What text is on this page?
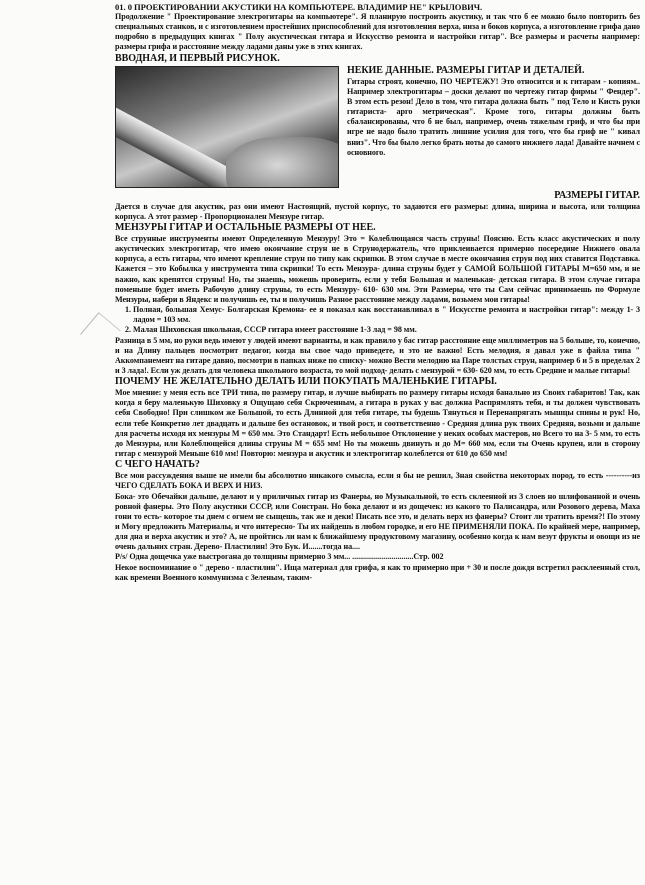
01. 0 ПРОЕКТИРОВАНИИ АКУСТИКИ НА КОМПЬЮТЕРЕ. ВЛАДИМИР НЕ" КРЫЛОВИЧ.

Продолжение " Проектирование электрогитары на компьютере". Я планирую построить акустику, и так что б ее можно было повторить без специальных станков, и с изготовлением простейших приспособлений для изготовления верха, низа и боков корпуса, а изготовление грифа дано подробно в предыдущих книгах " Полу акустическая гитара и Искусство ремонта и настройки гитар". Все размеры и расчеты например: размеры грифа и расстояние между ладами даны уже в этих книгах.

ВВОДНАЯ, И ПЕРВЫЙ РИСУНОК.

НЕКИЕ ДАННЫЕ. РАЗМЕРЫ ГИТАР И ДЕТАЛЕЙ.

Гитары строят, конечно, ПО ЧЕРТЕЖУ! Это относится и к гитарам - копиям.. Например электрогитары – доски делают по чертежу гитар фирмы " Фендер". В этом есть резон! Дело в том, что гитара должна быть " под Тело и Кисть руки гитариста- арго метрическая". Кроме того, гитары должны быть сбалансированы, что б не был, например, очень тяжелым гриф, и что бы при игре не надо было тратить лишние усилия для того, что бы гриф не " кивал вниз". Что бы было легко брать ноты до самого нижнего лада! Давайте начнем с основного.

РАЗМЕРЫ ГИТАР.

Дается в случае для акустик, раз они имеют Настоящий, пустой корпус, то задаются его размеры: длина, ширина и высота, или толщина корпуса. А этот размер - Пропорционален Мензуре гитар.

МЕНЗУРЫ ГИТАР И ОСТАЛЬНЫЕ РАЗМЕРЫ ОТ НЕЕ.

Все струнные инструменты имеют Определенную Мензуру! Это = Колеблющаяся часть струны! Поясню. Есть класс акустических и полу акустических электрогитар, что имею окончание струн не в Струнодержатель, что приклеивается примерно посередине Нижнего овала корпуса, а есть гитары, что имеют крепление струн по типу как скрипки. В этом случае в месте окончания струн под них ставится Подставка. Кажется – это Кобылка у инструмента типа скрипки! То есть Мензура- длина струны будет у САМОЙ БОЛЬШОЙ ГИТАРЫ М=650 мм, и не важно, как крепятся струны! Но, ты знаешь, можешь проверить, если у тебя Большая и маленькая- детская гитара. В этом случае гитара поменьше будет иметь Рабочую длину струны, то есть Мензуру- 610- 630 мм. Эти Размеры, что ты Сам сейчас принимаешь по Формуле Мензуры, набери в Яндекс и получишь ее, ты и получишь Разное расстояние между ладами, возьмем мои гитары!

1. Полная, большая Хемус- Болгарская Кремона- ее я показал как восстанавливал в " Искусстве ремонта и настройки гитар": между 1- 3 ладом = 103 мм.
2. Малая Шиховская школьная, СССР гитара имеет расстояние 1-3 лад = 98 мм.

Разница в 5 мм, но руки ведь имеют у людей имеют варианты, и как правило у бас гитар расстояние еще миллиметров на 5 больше, то, конечно, и на Длину пальцев посмотрит педагог, когда вы свое чадо приведете, и это не важно! Есть мелодия, я давал уже в файла типа " Аккомпанемент на гитаре давно, посмотри в папках ниже по списку- можно Вести мелодию на Паре толстых струн, например 6 и 5 в пределах 2 и 3 лада!. Если уж делать для человека школьного возраста, то мой подход- делать с мензурой = 630- 620 мм, то есть Средние и малые гитары!

ПОЧЕМУ НЕ ЖЕЛАТЕЛЬНО ДЕЛАТЬ ИЛИ ПОКУПАТЬ МАЛЕНЬКИЕ ГИТАРЫ.

Мое мнение: у меня есть все ТРИ типа, по размеру гитар, и лучше выбирать по размеру гитары исходя банально из Своих габаритов! Так, как когда я беру маленькую Шиховку я Ощущаю себя Скрюченным, а гитара в руках у вас должна Распрямлять тебя, и ты должен чувствовать себя Свободно! При слишком же Большой, то есть Длинной для тебя гитаре, ты будешь Тянуться и Перенапрягать мышцы спины и рук! Но, если тебе Конкретно лет двадцать и дальше без остановок, и твой рост, и соответственно - Средняя длина рук твоих Средняя, возьми и дальше для расчеты исходя их мензуры М = 650 мм. Это Стандарт! Есть небольшое Отклонение у неких особых мастеров, но Всего то на 3- 5 мм, то есть до Мензуры, или Колеблющейся длины струны М = 655 мм! Но ты можешь двинуть и до М= 660 мм, если ты Очень крупен, или в сторону гитар с мензурой Меньше 610 мм! Повторю: мензура и акустик и электрогитар колеблется от 610 до 650 мм!

С ЧЕГО НАЧАТЬ?

Все мои рассуждения выше не имели бы абсолютно никакого смысла, если я бы не решил, Зная свойства некоторых пород, то есть ----------из ЧЕГО СДЕЛАТЬ БОКА И ВЕРХ И НИЗ.

Бока- это Обечайки дальше, делают и у приличных гитар из Фанеры, но Музыкальной, то есть склеенной из 3 слоев но шлифованной и очень ровной фанеры. Это Полу акустики СССР, или Сонстран. Но бока делают и из дощечек: из какого то Палисандра, или Розового дерева, Маха гони то есть- которое ты днем с огнем не сыщешь, так же и деки! Писать все это, и делать верх из фанеры? Стоит ли тратить время?! По этому и Могу предложить Материалы, и что интересно- Ты их найдешь в любом городке, и его НЕ ПРИМЕНЯЛИ ПОКА. По крайней мере, например, для дна и верха акустик и это? А, не пройтись ли нам к ближайшему продуктовому магазину, особенно когда к нам везут фрукты и овощи из не очень дальних стран. Дерево- Пластилин! Это Бук. И.......тогда на....

P/s/ Одна дощечка уже выстрогана до толщины примерно 3 мм... ...............................Стр. 002

Некое воспоминание о " дерево - пластилин". Ища материал для грифа, я как то примерно при + 30 и после дождя встретил расклеенный стол, как времени Военного коммунизма с Зеленым, таким-
